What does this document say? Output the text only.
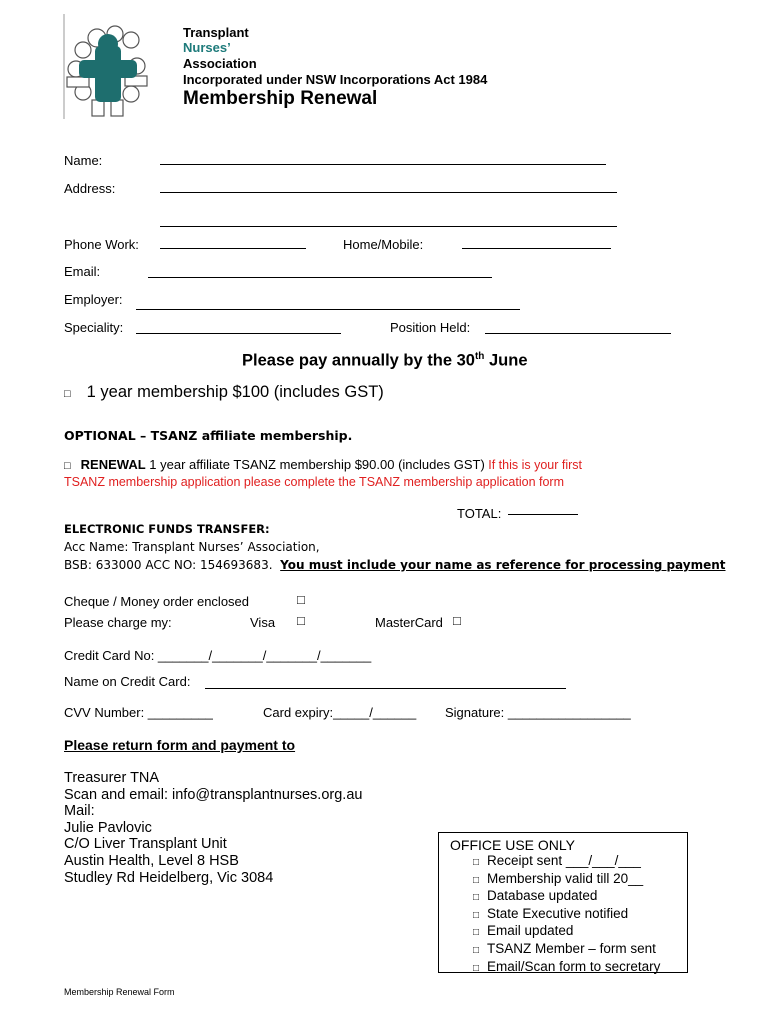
Transplant
Nurses’
Association
Incorporated under NSW Incorporations Act 1984
Membership Renewal
Name:
Address:
Phone Work:	Home/Mobile:
Email:
Employer:
Speciality:	Position Held:
Please pay annually by the 30th June
□ 1 year membership $100 (includes GST)
OPTIONAL – TSANZ affiliate membership.
□ RENEWAL 1 year affiliate TSANZ membership $90.00 (includes GST) If this is your first
TSANZ membership application please complete the TSANZ membership application form
TOTAL:
ELECTRONIC FUNDS TRANSFER:
Acc Name: Transplant Nurses’ Association,
BSB: 633000 ACC NO: 154693683. You must include your name as reference for processing payment
Cheque / Money order enclosed	□
Please charge my:	Visa □	MasterCard □
Credit Card No: _______/_______/_______/_______
Name on Credit Card:
CVV Number: _________	Card expiry:_____/______ Signature: _________________
Please return form and payment to
Treasurer TNA
Scan and email: info@transplantnurses.org.au
Mail:
Julie Pavlovic
C/O Liver Transplant Unit
Austin Health, Level 8 HSB
Studley Rd Heidelberg, Vic 3084
OFFICE USE ONLY
□ Receipt sent ___/___/___
□ Membership valid till 20__
□ Database updated
□ State Executive notified
□ Email updated
□ TSANZ Member – form sent
□ Email/Scan form to secretary
Membership Renewal Form
